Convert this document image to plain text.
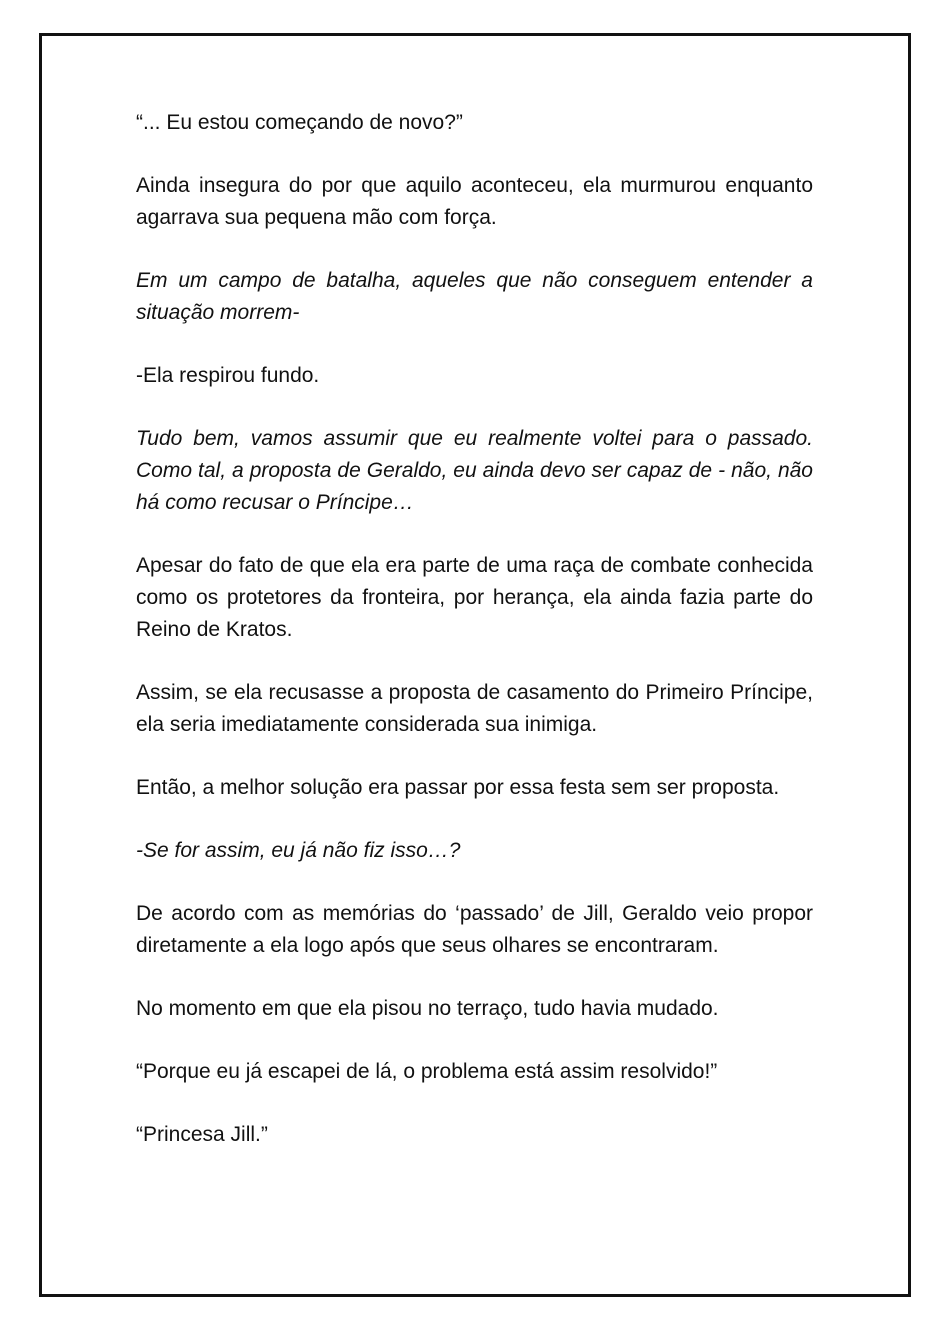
“... Eu estou começando de novo?”

Ainda insegura do por que aquilo aconteceu, ela murmurou enquanto agarrava sua pequena mão com força.

Em um campo de batalha, aqueles que não conseguem entender a situação morrem-

-Ela respirou fundo.

Tudo bem, vamos assumir que eu realmente voltei para o passado. Como tal, a proposta de Geraldo, eu ainda devo ser capaz de - não, não há como recusar o Príncipe…

Apesar do fato de que ela era parte de uma raça de combate conhecida como os protetores da fronteira, por herança, ela ainda fazia parte do Reino de Kratos.

Assim, se ela recusasse a proposta de casamento do Primeiro Príncipe, ela seria imediatamente considerada sua inimiga.

Então, a melhor solução era passar por essa festa sem ser proposta.

-Se for assim, eu já não fiz isso…?

De acordo com as memórias do ‘passado’ de Jill, Geraldo veio propor diretamente a ela logo após que seus olhares se encontraram.

No momento em que ela pisou no terraço, tudo havia mudado.

“Porque eu já escapei de lá, o problema está assim resolvido!”

“Princesa Jill.”
